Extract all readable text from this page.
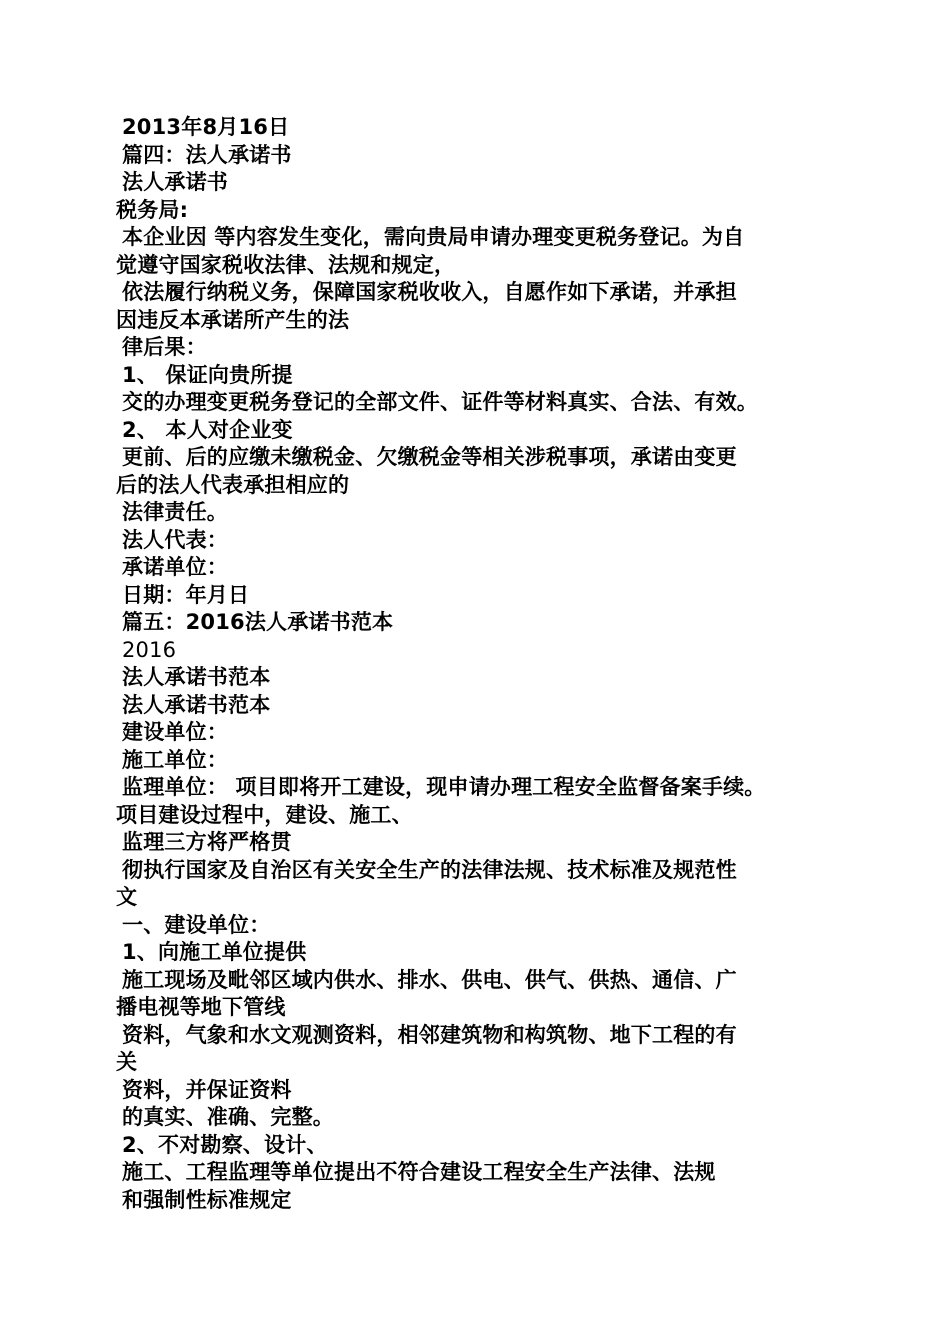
2013年8月16日
篇四：法人承诺书
法人承诺书
税务局:
本企业因 等内容发生变化，需向贵局申请办理变更税务登记。为自
觉遵守国家税收法律、法规和规定，
依法履行纳税义务，保障国家税收收入，自愿作如下承诺，并承担
因违反本承诺所产生的法
律后果：
1、 保证向贵所提
交的办理变更税务登记的全部文件、证件等材料真实、合法、有效。
2、 本人对企业变
更前、后的应缴未缴税金、欠缴税金等相关涉税事项，承诺由变更
后的法人代表承担相应的
法律责任。
法人代表：
承诺单位：
日期：年月日
篇五：2016法人承诺书范本
2016
法人承诺书范本
法人承诺书范本
建设单位：
施工单位：
监理单位： 项目即将开工建设，现申请办理工程安全监督备案手续。
项目建设过程中，建设、施工、
监理三方将严格贯
彻执行国家及自治区有关安全生产的法律法规、技术标准及规范性
文
一、建设单位：
1、向施工单位提供
施工现场及毗邻区域内供水、排水、供电、供气、供热、通信、广
播电视等地下管线
资料，气象和水文观测资料，相邻建筑物和构筑物、地下工程的有
关
资料，并保证资料
的真实、准确、完整。
2、不对勘察、设计、
施工、工程监理等单位提出不符合建设工程安全生产法律、法规
和强制性标准规定
